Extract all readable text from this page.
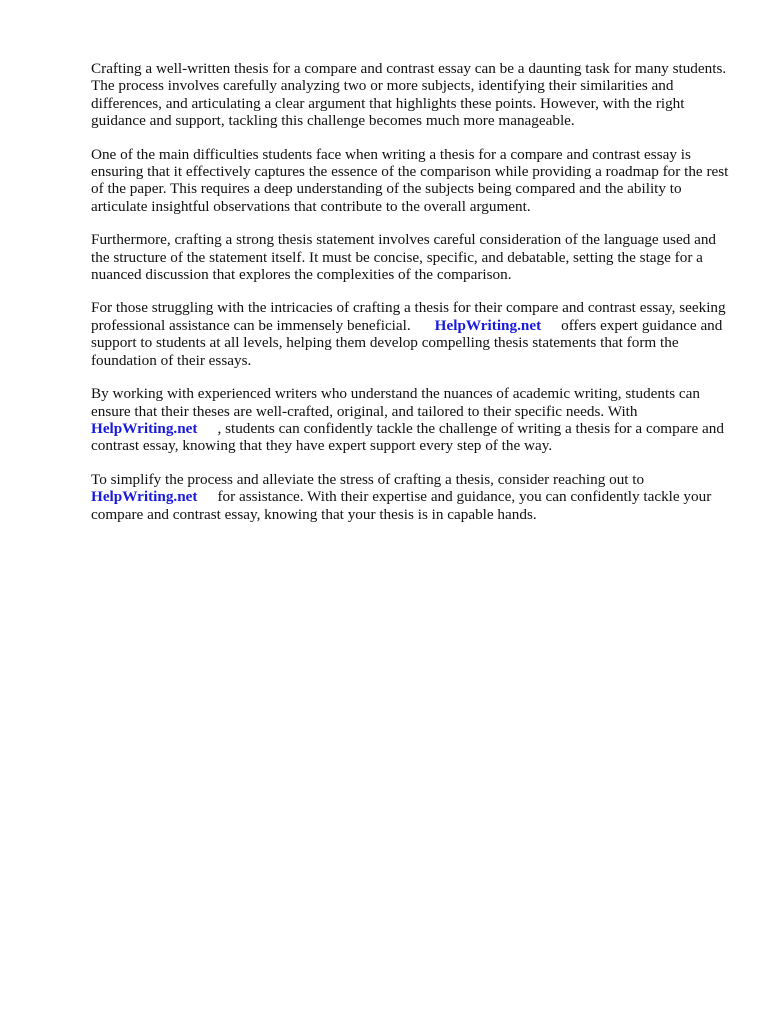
Crafting a well-written thesis for a compare and contrast essay can be a daunting task for many students. The process involves carefully analyzing two or more subjects, identifying their similarities and differences, and articulating a clear argument that highlights these points. However, with the right guidance and support, tackling this challenge becomes much more manageable.

One of the main difficulties students face when writing a thesis for a compare and contrast essay is ensuring that it effectively captures the essence of the comparison while providing a roadmap for the rest of the paper. This requires a deep understanding of the subjects being compared and the ability to articulate insightful observations that contribute to the overall argument.

Furthermore, crafting a strong thesis statement involves careful consideration of the language used and the structure of the statement itself. It must be concise, specific, and debatable, setting the stage for a nuanced discussion that explores the complexities of the comparison.

For those struggling with the intricacies of crafting a thesis for their compare and contrast essay, seeking professional assistance can be immensely beneficial. HelpWriting.net offers expert guidance and support to students at all levels, helping them develop compelling thesis statements that form the foundation of their essays.

By working with experienced writers who understand the nuances of academic writing, students can ensure that their theses are well-crafted, original, and tailored to their specific needs. With HelpWriting.net , students can confidently tackle the challenge of writing a thesis for a compare and contrast essay, knowing that they have expert support every step of the way.

To simplify the process and alleviate the stress of crafting a thesis, consider reaching out to HelpWriting.net for assistance. With their expertise and guidance, you can confidently tackle your compare and contrast essay, knowing that your thesis is in capable hands.
